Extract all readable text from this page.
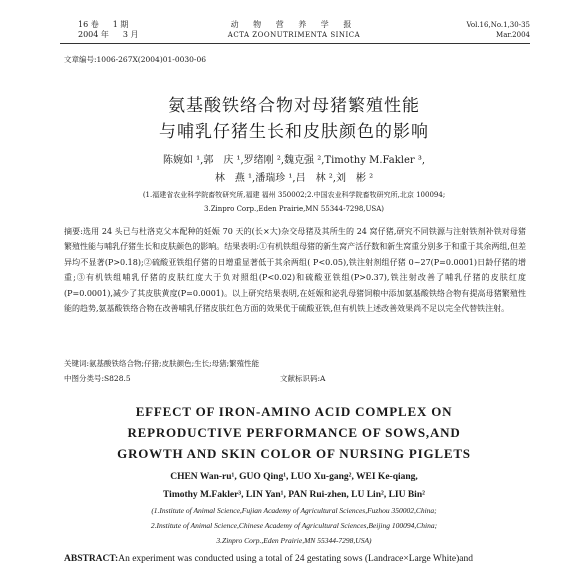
16 卷 1 期
2004 年 3 月
动 物 营 养 学 报
ACTA ZOONUTRIMENTA SINICA
Vol.16,No.1,30-35
Mar.2004
文章编号:1006-267X(2004)01-0030-06
氨基酸铁络合物对母猪繁殖性能
与哺乳仔猪生长和皮肤颜色的影响
陈婉如 ¹,郭　庆 ¹,罗绪刚 ²,魏克强 ²,Timothy M.Fakler ³,
林　燕 ¹,潘瑞珍 ¹,吕　林 ²,刘　彬 ²
(1.福建省农业科学院畜牧研究所,福建 福州 350002;2.中国农业科学院畜牧研究所,北京 100094;
3.Zinpro Corp.,Eden Prairie,MN 55344-7298,USA)
摘要:选用 24 头已与杜洛克父本配种的妊娠 70 天的(长×大)杂交母猪及其所生的 24 窝仔猪,研究不同铁源与注射铁剂补铁对母猪繁殖性能与哺乳仔猪生长和皮肤颜色的影响。结果表明:①有机铁组母猪的新生窝产活仔数和新生窝重分别多于和重于其余两组,但差异均不显著(P>0.18);②硫酸亚铁组仔猪的日增重显著低于其余两组( P<0.05),铁注射剂组仔猪 0~27(P=0.0001)日龄仔猪的增重;③有机铁组哺乳仔猪的皮肤红度大于负对照组(P<0.02)和硫酸亚铁组(P>0.37),铁注射改善了哺乳仔猪的皮肤红度(P=0.0001),减少了其皮肤黄度(P=0.0001)。以上研究结果表明,在妊娠和泌乳母猪饲粮中添加氨基酸铁络合物有提高母猪繁殖性能的趋势,氨基酸铁络合物在改善哺乳仔猪皮肤红色方面的效果优于硫酸亚铁,但有机铁上述改善效果尚不足以完全代替铁注射。
关键词:氨基酸铁络合物;仔猪;皮肤颜色;生长;母猪;繁殖性能
中图分类号:S828.5	文献标识码:A
EFFECT OF IRON-AMINO ACID COMPLEX ON
REPRODUCTIVE PERFORMANCE OF SOWS,AND
GROWTH AND SKIN COLOR OF NURSING PIGLETS
CHEN Wan-ru¹, GUO Qing¹, LUO Xu-gang², WEI Ke-qiang,
Timothy M.Fakler³, LIN Yan¹, PAN Rui-zhen, LU Lin², LIU Bin²
(1.Institute of Animal Science,Fujian Academy of Agricultural Sciences,Fuzhou 350002,China;
2.Institute of Animal Science,Chinese Academy of Agricultural Sciences,Beijing 100094,China;
3.Zinpro Corp.,Eden Prairie,MN 55344-7298,USA)
ABSTRACT:An experiment was conducted using a total of 24 gestating sows (Landrace×Large White)and
